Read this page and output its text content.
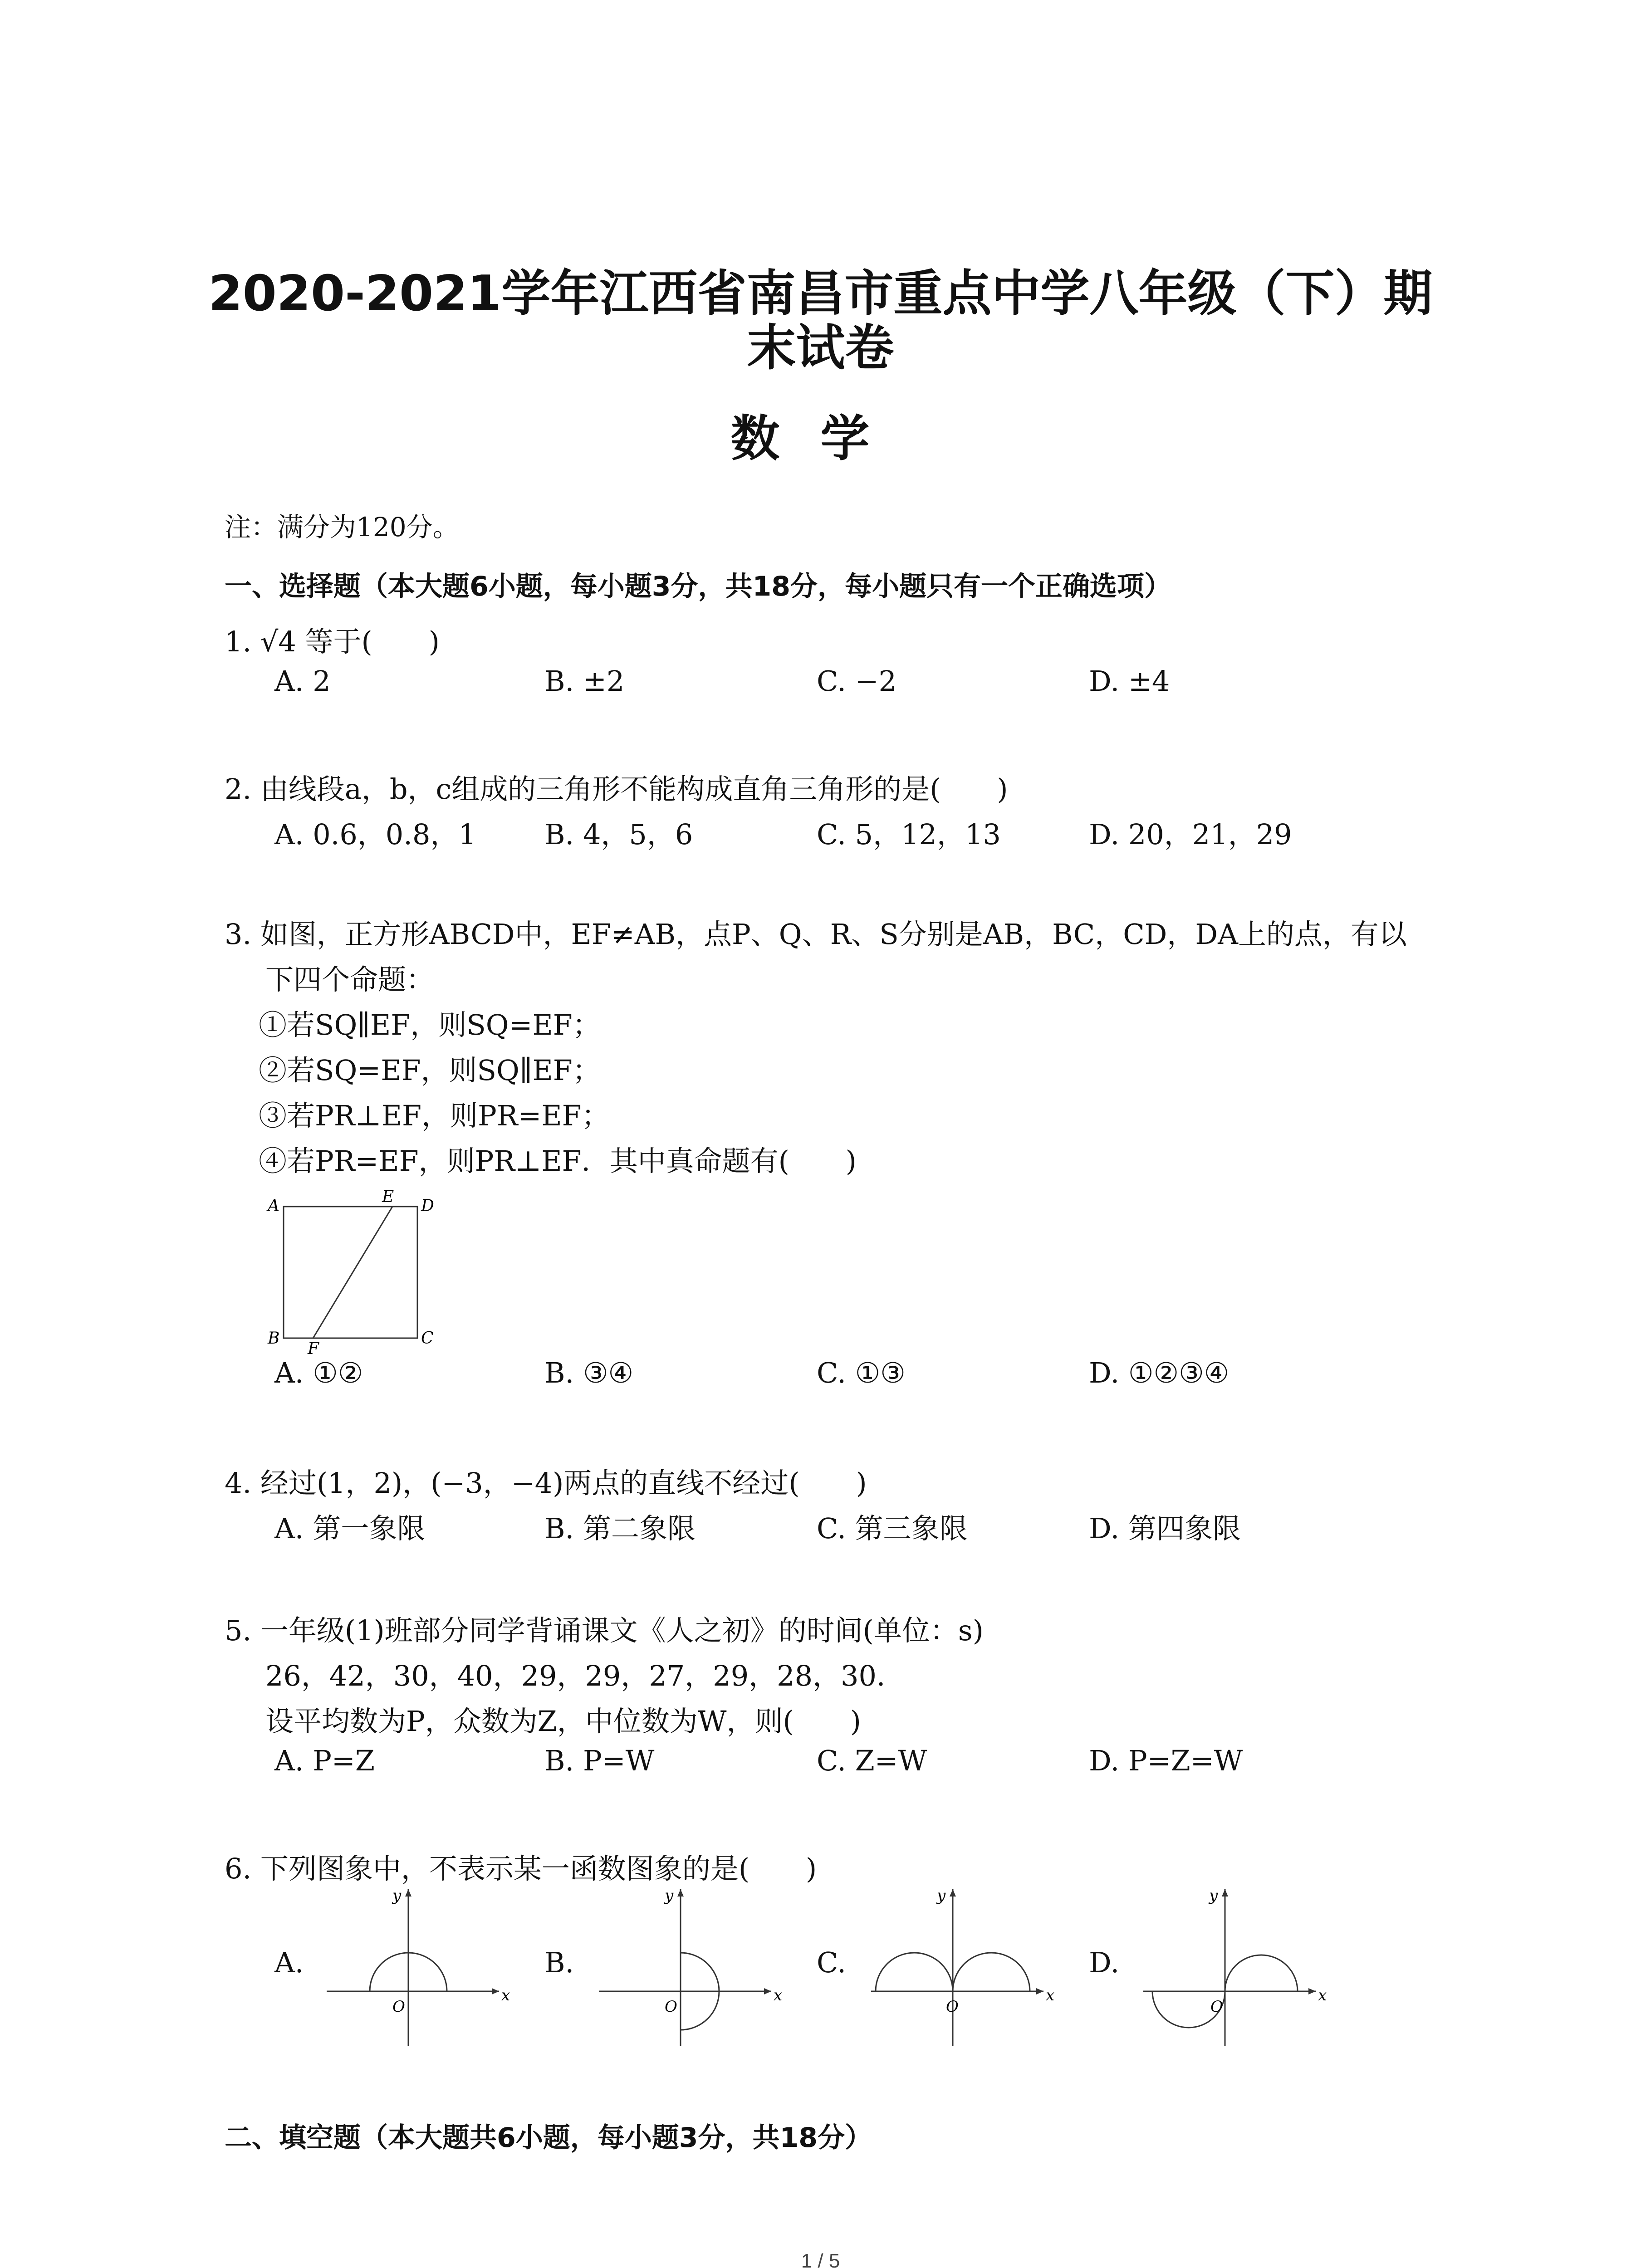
2020-2021学年江西省南昌市重点中学八年级（下）期
末试卷
数学
注：满分为120分。
一、选择题（本大题6小题，每小题3分，共18分，每小题只有一个正确选项）
1. √4 等于(　　)
A. 2	B. ±2	C. −2	D. ±4
2. 由线段a，b，c组成的三角形不能构成直角三角形的是(　　)
A. 0.6，0.8，1 B. 4，5，6	C. 5，12，13	D. 20，21，29
3. 如图，正方形ABCD中，EF≠AB，点P、Q、R、S分别是AB，BC，CD，DA上的点，有以
下四个命题：
①若SQ∥EF，则SQ=EF；
②若SQ=EF，则SQ∥EF；
③若PR⊥EF，则PR=EF；
④若PR=EF，则PR⊥EF．其中真命题有(　　)
A	D
E
B	C
F
A. ①②	B. ③④	C. ①③	D. ①②③④
4. 经过(1，2)，(−3，−4)两点的直线不经过(　　)
A. 第一象限	B. 第二象限	C. 第三象限	D. 第四象限
5. 一年级(1)班部分同学背诵课文《人之初》的时间(单位：s)
26，42，30，40，29，29，27，29，28，30．
设平均数为P，众数为Z，中位数为W，则(　　)
A. P=Z	B. P=W	C. Z=W	D. P=Z=W
6. 下列图象中，不表示某一函数图象的是(　　)
A.	B.	C.	D.
O
x
y
O
x
y
O
x
y
O
x
y
二、填空题（本大题共6小题，每小题3分，共18分）
1 / 5
